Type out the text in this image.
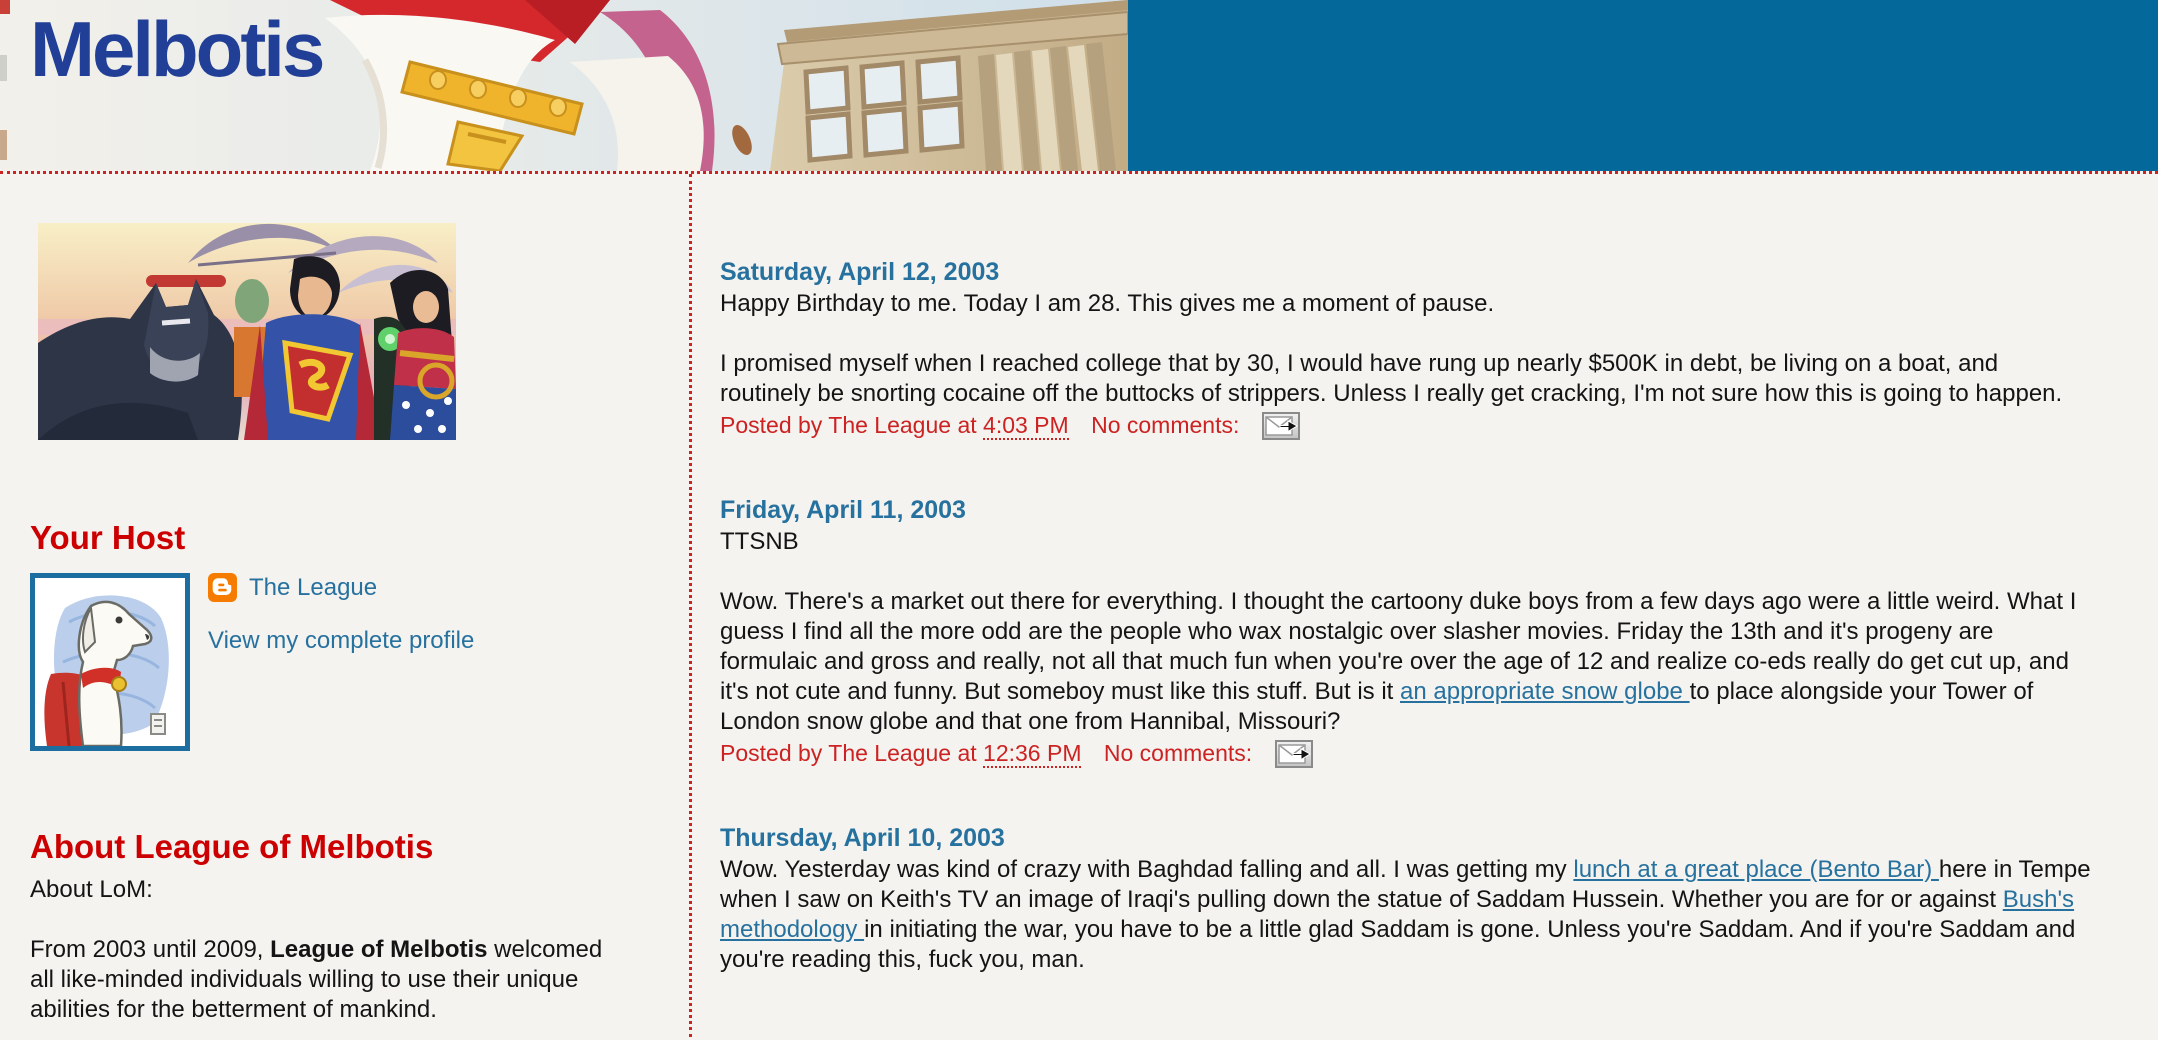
Melbotis
Your Host
The League
View my complete profile
About League of Melbotis

About LoM:

From 2003 until 2009, League of Melbotis welcomed all like-minded individuals willing to use their unique abilities for the betterment of mankind.

Saturday, April 12, 2003

Happy Birthday to me. Today I am 28. This gives me a moment of pause.

I promised myself when I reached college that by 30, I would have rung up nearly $500K in debt, be living on a boat, and routinely be snorting cocaine off the buttocks of strippers. Unless I really get cracking, I'm not sure how this is going to happen.

Posted by The League at 4:03 PM No comments:
Friday, April 11, 2003

TTSNB

Wow. There's a market out there for everything. I thought the cartoony duke boys from a few days ago were a little weird. What I guess I find all the more odd are the people who wax nostalgic over slasher movies. Friday the 13th and it's progeny are formulaic and gross and really, not all that much fun when you're over the age of 12 and realize co-eds really do get cut up, and it's not cute and funny. But someboy must like this stuff. But is it an appropriate snow globe to place alongside your Tower of London snow globe and that one from Hannibal, Missouri?

Posted by The League at 12:36 PM No comments:
Thursday, April 10, 2003

Wow. Yesterday was kind of crazy with Baghdad falling and all. I was getting my lunch at a great place (Bento Bar) here in Tempe when I saw on Keith's TV an image of Iraqi's pulling down the statue of Saddam Hussein. Whether you are for or against Bush's methodology in initiating the war, you have to be a little glad Saddam is gone. Unless you're Saddam. And if you're Saddam and you're reading this, fuck you, man.
